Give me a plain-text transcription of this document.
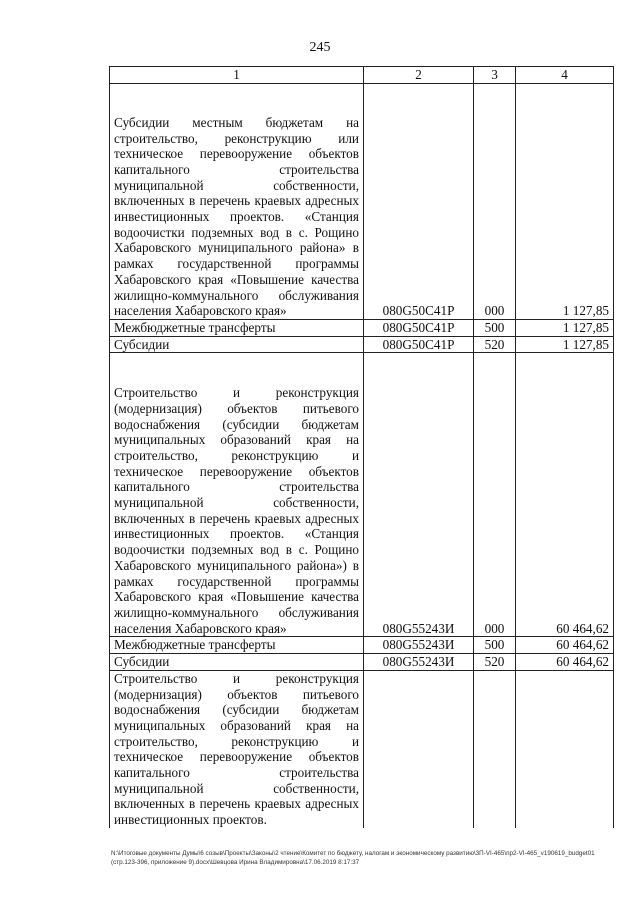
245
1	2	3	4
Субсидии местным бюджетам на строительство, реконструкцию или техническое перевооружение объектов капитального строительства муниципальной собственности, включенных в перечень краевых адресных инвестиционных проектов. «Станция водоочистки подземных вод в с. Рощино Хабаровского муниципального района» в рамках государственной программы Хабаровского края «Повышение качества жилищно-коммунального обслуживания населения Хабаровского края»	080G50C41P	000	1 127,85
Межбюджетные трансферты	080G50C41P	500	1 127,85
Субсидии	080G50C41P	520	1 127,85
Строительство и реконструкция (модернизация) объектов питьевого водоснабжения (субсидии бюджетам муниципальных образований края на строительство, реконструкцию и техническое перевооружение объектов капитального строительства муниципальной собственности, включенных в перечень краевых адресных инвестиционных проектов. «Станция водоочистки подземных вод в с. Рощино Хабаровского муниципального района») в рамках государственной программы Хабаровского края «Повышение качества жилищно-коммунального обслуживания населения Хабаровского края»	080G55243И	000	60 464,62
Межбюджетные трансферты	080G55243И	500	60 464,62
Субсидии	080G55243И	520	60 464,62
Строительство и реконструкция (модернизация) объектов питьевого водоснабжения (субсидии бюджетам муниципальных образований края на строительство, реконструкцию и техническое перевооружение объектов капитального строительства муниципальной собственности, включенных в перечень краевых адресных инвестиционных проектов.			
N:\Итоговые документы Думы\6 созыв\Проекты\Законы\2 чтение\Комитет по бюджету, налогам и экономическому развитию\3П-VI-465\пр2-VI-465_v190619_budget01 (стр.123-396, приложение 9).docx\Шевцова Ирина Владимировна\17.06.2019 8:17:37
